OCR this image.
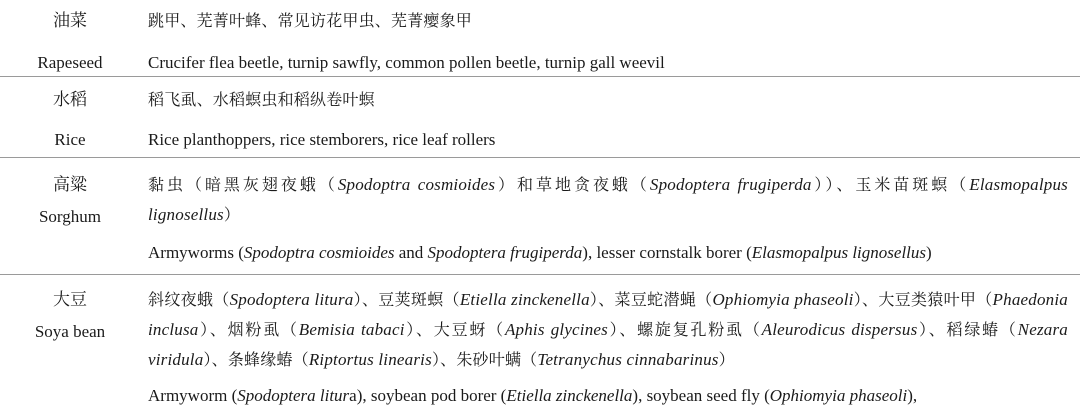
油菜
Rapeseed
跳甲、芜菁叶蜂、常见访花甲虫、芜菁瘿象甲
Crucifer flea beetle, turnip sawfly, common pollen beetle, turnip gall weevil
水稻
Rice
稻飞虱、水稻螟虫和稻纵卷叶螟
Rice planthoppers, rice stemborers, rice leaf rollers
高粱
Sorghum
黏虫（暗黑灰翅夜蛾（Spodoptra cosmioides）和草地贪夜蛾（Spodoptera frugiperda））、玉米苗斑螟（Elasmopalpus lignosellus）
Armyworms (Spodoptra cosmioides and Spodoptera frugiperda), lesser cornstalk borer (Elasmopalpus lignosellus)
大豆
Soya bean
斜纹夜蛾（Spodoptera litura）、豆荚斑螟（Etiella zinckenella）、菜豆蛇潜蝇（Ophiomyia phaseoli）、大豆类猿叶甲（Phaedonia inclusa）、烟粉虱（Bemisia tabaci）、大豆蚜（Aphis glycines）、螺旋复孔粉虱（Aleurodicus dispersus）、稻绿蝽（Nezara viridula）、条蜂缘蝽（Riptortus linearis）、朱砂叶螨（Tetranychus cinnabarinus）
Armyworm (Spodoptera litura), soybean pod borer (Etiella zinckenella), soybean seed fly (Ophiomyia phaseoli),
